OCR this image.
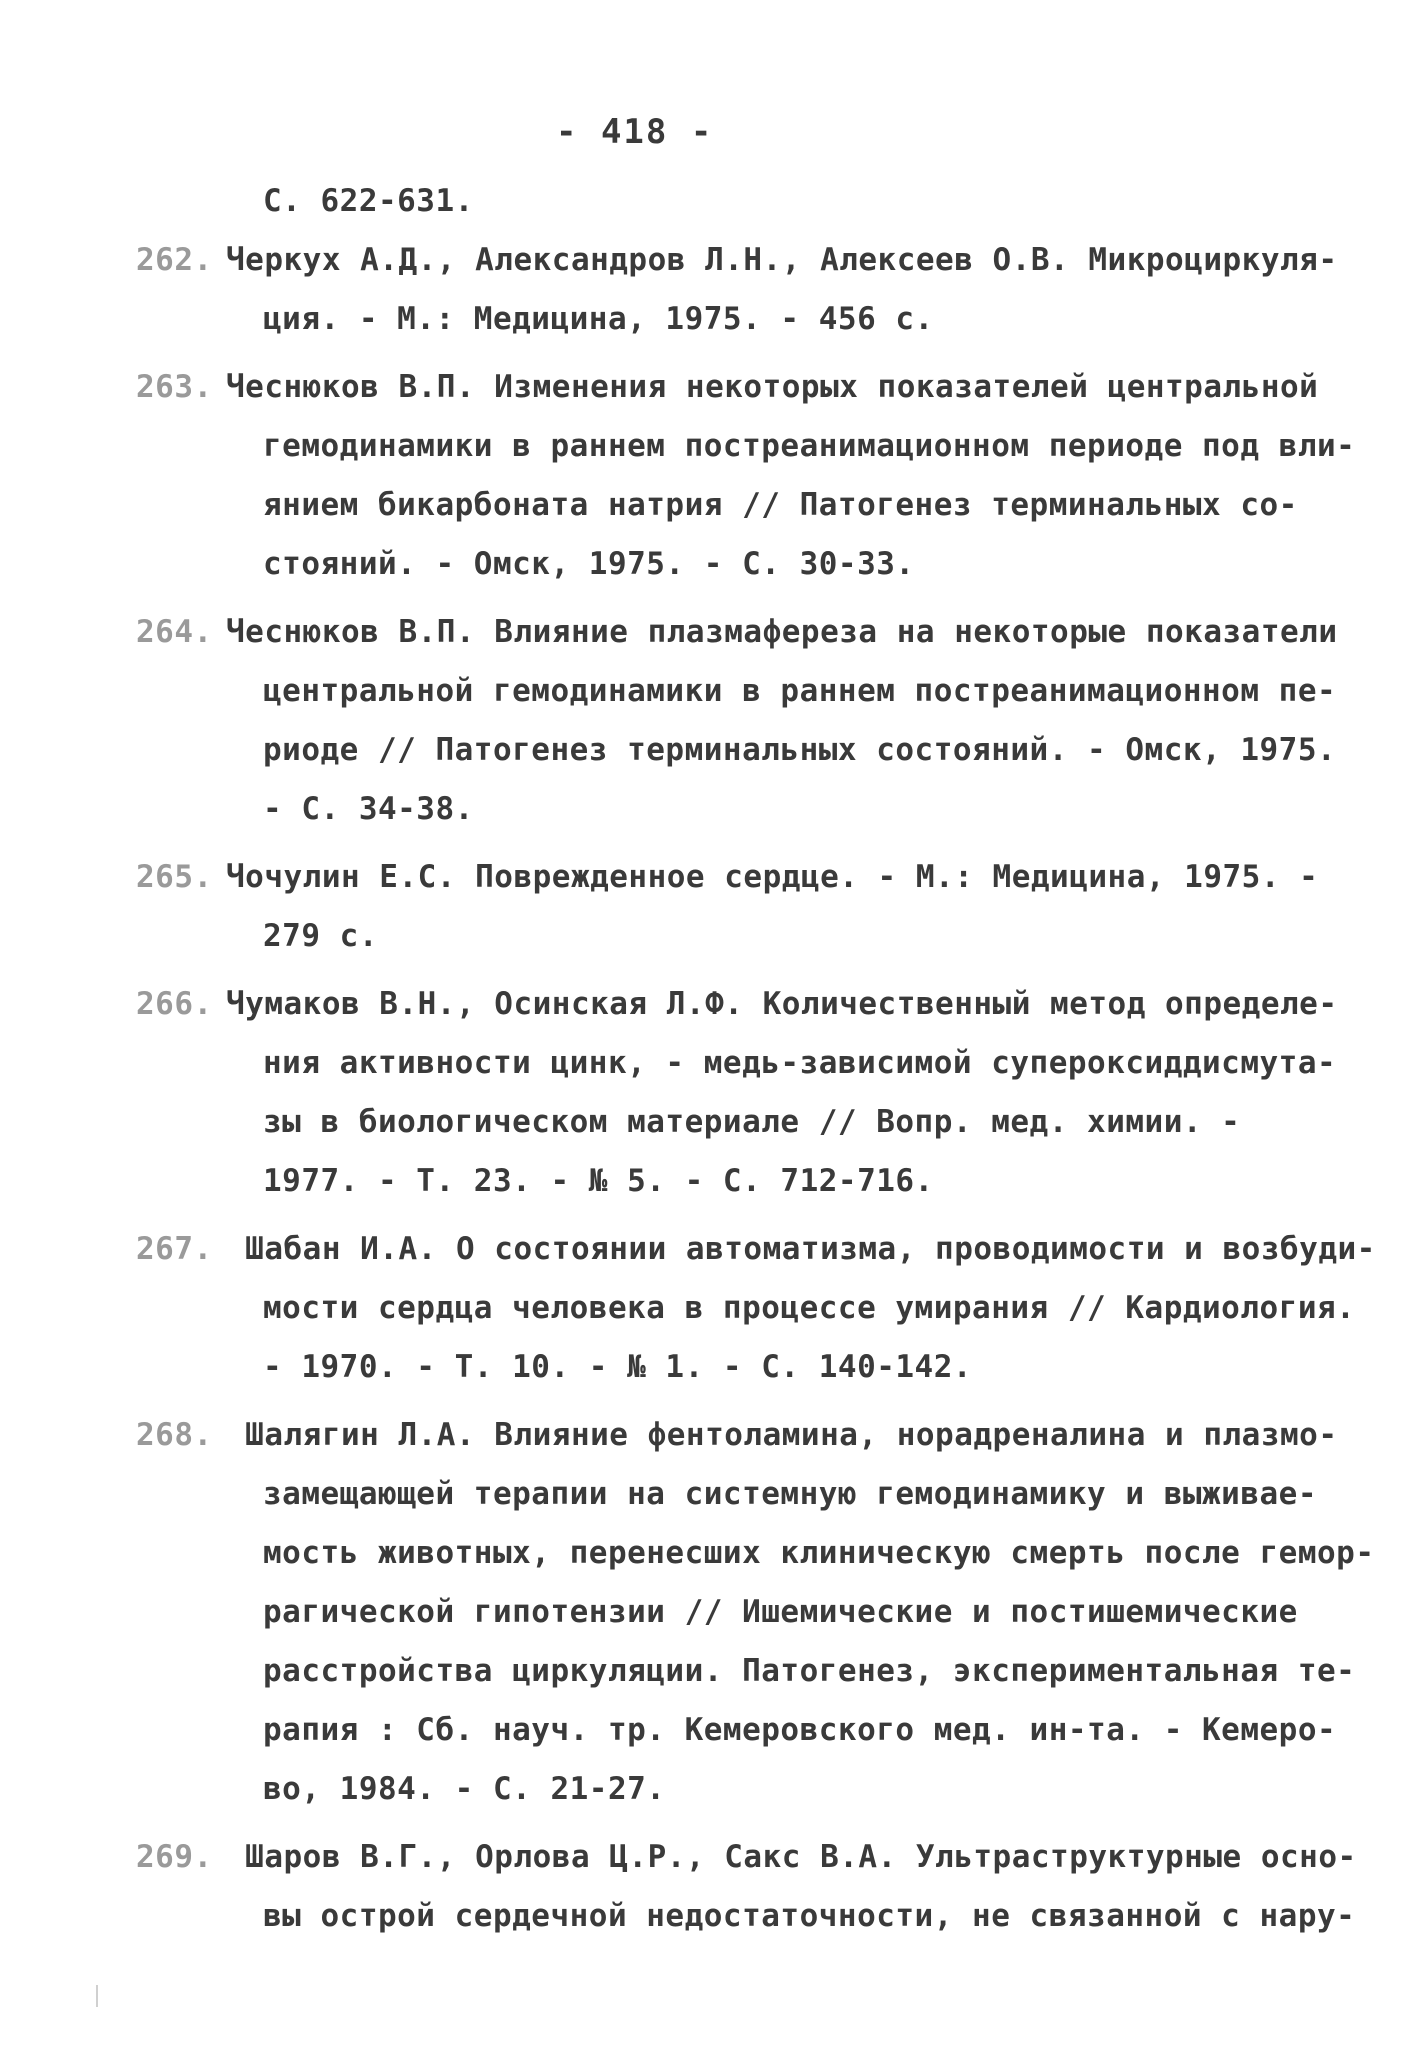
- 418 -
С. 622-631.
262. Черкух А.Д., Александров Л.Н., Алексеев О.В. Микроциркуля-
ция. - М.: Медицина, 1975. - 456 с.
263. Чеснюков В.П. Изменения некоторых показателей центральной
гемодинамики в раннем постреанимационном периоде под вли-
янием бикарбоната натрия // Патогенез терминальных со-
стояний. - Омск, 1975. - С. 30-33.
264. Чеснюков В.П. Влияние плазмафереза на некоторые показатели
центральной гемодинамики в раннем постреанимационном пе-
риоде // Патогенез терминальных состояний. - Омск, 1975.
- С. 34-38.
265. Чочулин Е.С. Поврежденное сердце. - М.: Медицина, 1975. -
279 с.
266. Чумаков В.Н., Осинская Л.Ф. Количественный метод определе-
ния активности цинк, - медь-зависимой супероксиддисмута-
зы в биологическом материале // Вопр. мед. химии. -
1977. - Т. 23. - № 5. - С. 712-716.
267. Шабан И.А. О состоянии автоматизма, проводимости и возбуди-
мости сердца человека в процессе умирания // Кардиология.
- 1970. - Т. 10. - № 1. - С. 140-142.
268. Шалягин Л.А. Влияние фентоламина, норадреналина и плазмо-
замещающей терапии на системную гемодинамику и выживае-
мость животных, перенесших клиническую смерть после гемор-
рагической гипотензии // Ишемические и постишемические
расстройства циркуляции. Патогенез, экспериментальная те-
рапия : Сб. науч. тр. Кемеровского мед. ин-та. - Кемеро-
во, 1984. - С. 21-27.
269. Шаров В.Г., Орлова Ц.Р., Сакс В.А. Ультраструктурные осно-
вы острой сердечной недостаточности, не связанной с нару-
